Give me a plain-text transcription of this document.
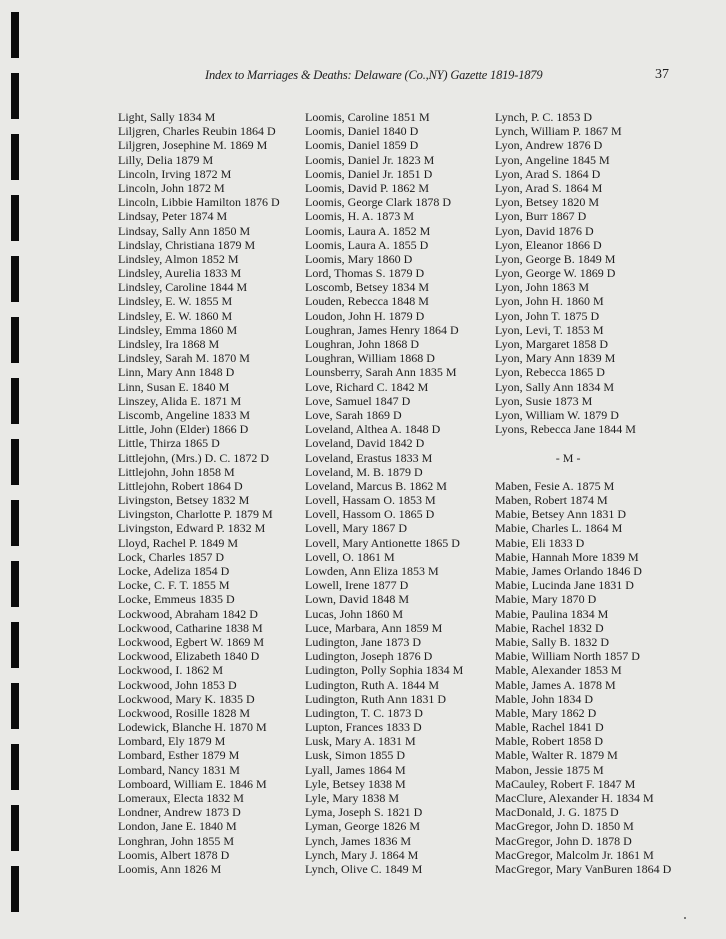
Index to Marriages & Deaths: Delaware (Co.,NY) Gazette 1819-1879	37
Light, Sally 1834 M
Liljgren, Charles Reubin 1864 D
Liljgren, Josephine M. 1869 M
Lilly, Delia 1879 M
Lincoln, Irving 1872 M
Lincoln, John 1872 M
Lincoln, Libbie Hamilton 1876 D
Lindsay, Peter 1874 M
Lindsay, Sally Ann 1850 M
Lindslay, Christiana 1879 M
Lindsley, Almon 1852 M
Lindsley, Aurelia 1833 M
Lindsley, Caroline 1844 M
Lindsley, E. W. 1855 M
Lindsley, E. W. 1860 M
Lindsley, Emma 1860 M
Lindsley, Ira 1868 M
Lindsley, Sarah M. 1870 M
Linn, Mary Ann 1848 D
Linn, Susan E. 1840 M
Linszey, Alida E. 1871 M
Liscomb, Angeline 1833 M
Little, John (Elder) 1866 D
Little, Thirza 1865 D
Littlejohn, (Mrs.) D. C. 1872 D
Littlejohn, John 1858 M
Littlejohn, Robert 1864 D
Livingston, Betsey 1832 M
Livingston, Charlotte P. 1879 M
Livingston, Edward P. 1832 M
Lloyd, Rachel P. 1849 M
Lock, Charles 1857 D
Locke, Adeliza 1854 D
Locke, C. F. T. 1855 M
Locke, Emmeus 1835 D
Lockwood, Abraham 1842 D
Lockwood, Catharine 1838 M
Lockwood, Egbert W. 1869 M
Lockwood, Elizabeth 1840 D
Lockwood, I. 1862 M
Lockwood, John 1853 D
Lockwood, Mary K. 1835 D
Lockwood, Rosille 1828 M
Lodewick, Blanche H. 1870 M
Lombard, Ely 1879 M
Lombard, Esther 1879 M
Lombard, Nancy 1831 M
Lomboard, William E. 1846 M
Lomeraux, Electa 1832 M
Londner, Andrew 1873 D
London, Jane E. 1840 M
Longhran, John 1855 M
Loomis, Albert 1878 D
Loomis, Ann 1826 M
Loomis, Caroline 1851 M
Loomis, Daniel 1840 D
Loomis, Daniel 1859 D
Loomis, Daniel Jr. 1823 M
Loomis, Daniel Jr. 1851 D
Loomis, David P. 1862 M
Loomis, George Clark 1878 D
Loomis, H. A. 1873 M
Loomis, Laura A. 1852 M
Loomis, Laura A. 1855 D
Loomis, Mary 1860 D
Lord, Thomas S. 1879 D
Loscomb, Betsey 1834 M
Louden, Rebecca 1848 M
Loudon, John H. 1879 D
Loughran, James Henry 1864 D
Loughran, John 1868 D
Loughran, William 1868 D
Lounsberry, Sarah Ann 1835 M
Love, Richard C. 1842 M
Love, Samuel 1847 D
Love, Sarah 1869 D
Loveland, Althea A. 1848 D
Loveland, David 1842 D
Loveland, Erastus 1833 M
Loveland, M. B. 1879 D
Loveland, Marcus B. 1862 M
Lovell, Hassam O. 1853 M
Lovell, Hassom O. 1865 D
Lovell, Mary 1867 D
Lovell, Mary Antionette 1865 D
Lovell, O. 1861 M
Lowden, Ann Eliza 1853 M
Lowell, Irene 1877 D
Lown, David 1848 M
Lucas, John 1860 M
Luce, Marbara, Ann 1859 M
Ludington, Jane 1873 D
Ludington, Joseph 1876 D
Ludington, Polly Sophia 1834 M
Ludington, Ruth A. 1844 M
Ludington, Ruth Ann 1831 D
Ludington, T. C. 1873 D
Lupton, Frances 1833 D
Lusk, Mary A. 1831 M
Lusk, Simon 1855 D
Lyall, James 1864 M
Lyle, Betsey 1838 M
Lyle, Mary 1838 M
Lyma, Joseph S. 1821 D
Lyman, George 1826 M
Lynch, James 1836 M
Lynch, Mary J. 1864 M
Lynch, Olive C. 1849 M
Lynch, P. C. 1853 D
Lynch, William P. 1867 M
Lyon, Andrew 1876 D
Lyon, Angeline 1845 M
Lyon, Arad S. 1864 D
Lyon, Arad S. 1864 M
Lyon, Betsey 1820 M
Lyon, Burr 1867 D
Lyon, David 1876 D
Lyon, Eleanor 1866 D
Lyon, George B. 1849 M
Lyon, George W. 1869 D
Lyon, John 1863 M
Lyon, John H. 1860 M
Lyon, John T. 1875 D
Lyon, Levi, T. 1853 M
Lyon, Margaret 1858 D
Lyon, Mary Ann 1839 M
Lyon, Rebecca 1865 D
Lyon, Sally Ann 1834 M
Lyon, Susie 1873 M
Lyon, William W. 1879 D
Lyons, Rebecca Jane 1844 M
- M -
Maben, Fesie A. 1875 M
Maben, Robert 1874 M
Mabie, Betsey Ann 1831 D
Mabie, Charles L. 1864 M
Mabie, Eli 1833 D
Mabie, Hannah More 1839 M
Mabie, James Orlando 1846 D
Mabie, Lucinda Jane 1831 D
Mabie, Mary 1870 D
Mabie, Paulina 1834 M
Mabie, Rachel 1832 D
Mabie, Sally B. 1832 D
Mabie, William North 1857 D
Mable, Alexander 1853 M
Mable, James A. 1878 M
Mable, John 1834 D
Mable, Mary 1862 D
Mable, Rachel 1841 D
Mable, Robert 1858 D
Mable, Walter R. 1879 M
Mabon, Jessie 1875 M
MaCauley, Robert F. 1847 M
MacClure, Alexander H. 1834 M
MacDonald, J. G. 1875 D
MacGregor, John D. 1850 M
MacGregor, John D. 1878 D
MacGregor, Malcolm Jr. 1861 M
MacGregor, Mary VanBuren 1864 D
